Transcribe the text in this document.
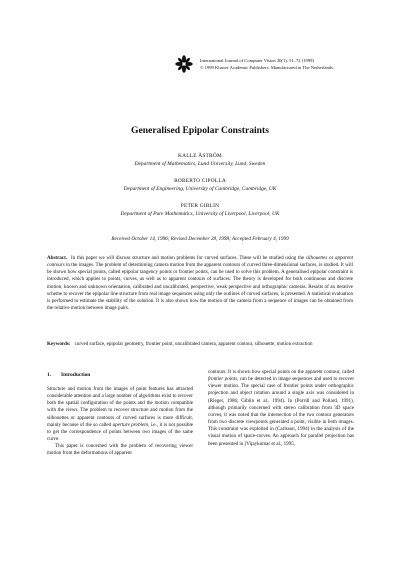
International Journal of Computer Vision 30(1), 51–72 (1999)
© 1999 Kluwer Academic Publishers. Manufactured in The Netherlands.
Generalised Epipolar Constraints
KALLE ÅSTRÖM
Department of Mathematics, Lund University, Lund, Sweden
ROBERTO CIPOLLA
Department of Engineering, University of Cambridge, Cambridge, UK
PETER GIBLIN
Department of Pure Mathematics, University of Liverpool, Liverpool, UK
Received October 14, 1996; Revised December 28, 1998; Accepted February 4, 1999
Abstract. In this paper we will discuss structure and motion problems for curved surfaces. These will be studied using the silhouettes or apparent contours in the images. The problem of determining camera motion from the apparent contours of curved three-dimensional surfaces, is studied. It will be shown how special points, called epipolar tangency points or frontier points, can be used to solve this problem. A generalised epipolar constraint is introduced, which applies to points, curves, as well as to apparent contours of surfaces. The theory is developed for both continuous and discrete motion, known and unknown orientation, calibrated and uncalibrated, perspective, weak perspective and orthographic cameras. Results of an iterative scheme to recover the epipolar line structure from real image sequences using only the outlines of curved surfaces, is presented. A statistical evaluation is performed to estimate the stability of the solution. It is also shown how the motion of the camera from a sequence of images can be obtained from the relative motion between image pairs.
Keywords: curved surface, epipolar geometry, frontier point, uncalibrated camera, apparent contour, silhouette, motion extraction
1. Introduction

Structure and motion from the images of point features has attracted considerable attention and a large number of algorithms exist to recover both the spatial configuration of the points and the motion compatible with the views. The problem to recover structure and motion from the silhouettes or apparent contours of curved surfaces is more difficult, mainly because of the so called aperture problem, i.e., it is not possible to get the correspondence of points between two images of the same curve.

This paper is concerned with the problem of recovering viewer motion from the deformations of apparent

contours. It is shown how special points on the apparent contour, called frontier points, can be detected in image sequences and used to recover viewer motion. The special case of frontier points under orthographic projection and object rotation around a single axis was considered in (Rieger, 1986; Giblin et al., 1994). In (Porrill and Pollard, 1991), although primarily concerned with stereo calibration from 3D space curves, it was noted that the intersection of the two contour generators from two discrete viewpoints generated a point, visible in both images. This constraint was exploited in (Carlsson, 1994) in the analysis of the visual motion of space-curves. An approach for parallel projection has been presented in (Vijaykumar et al., 1995,
